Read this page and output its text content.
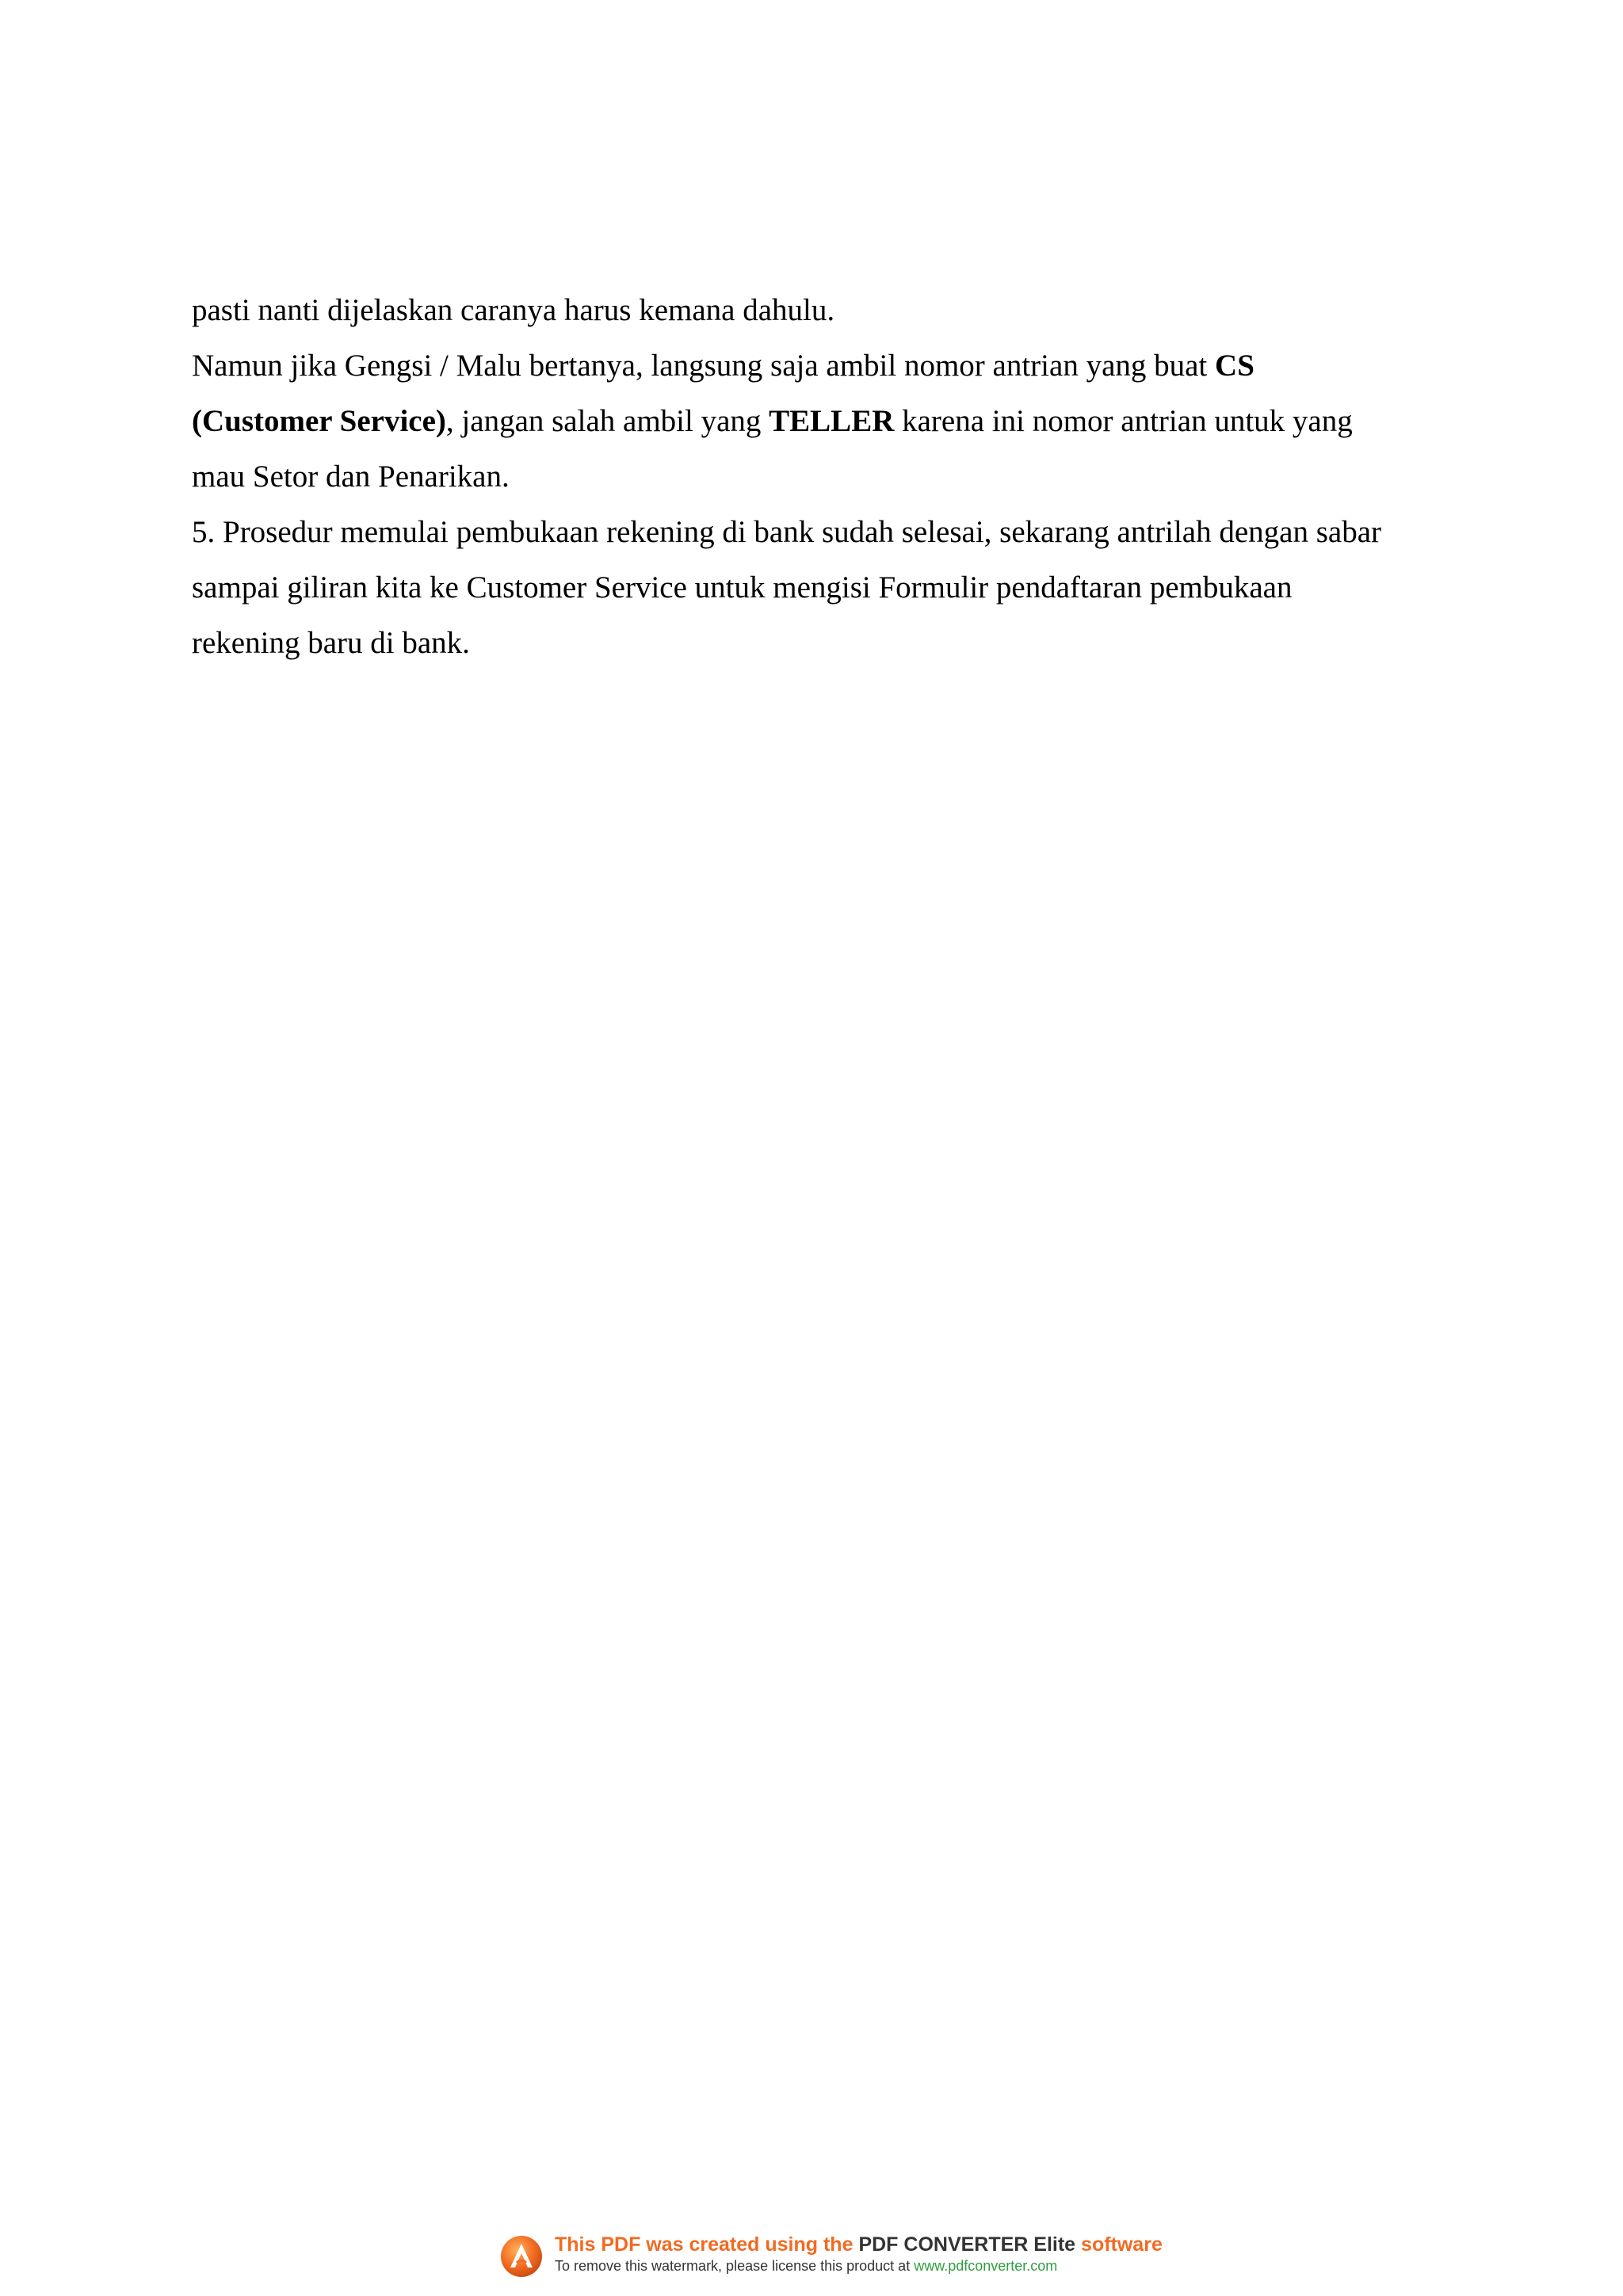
pasti nanti dijelaskan caranya harus kemana dahulu.
Namun jika Gengsi / Malu bertanya, langsung saja ambil nomor antrian yang buat CS
(Customer Service), jangan salah ambil yang TELLER karena ini nomor antrian untuk yang
mau Setor dan Penarikan.
5. Prosedur memulai pembukaan rekening di bank sudah selesai, sekarang antrilah dengan sabar
sampai giliran kita ke Customer Service untuk mengisi Formulir pendaftaran pembukaan
rekening baru di bank.
This PDF was created using the PDF CONVERTER Elite software
To remove this watermark, please license this product at www.pdfconverter.com
